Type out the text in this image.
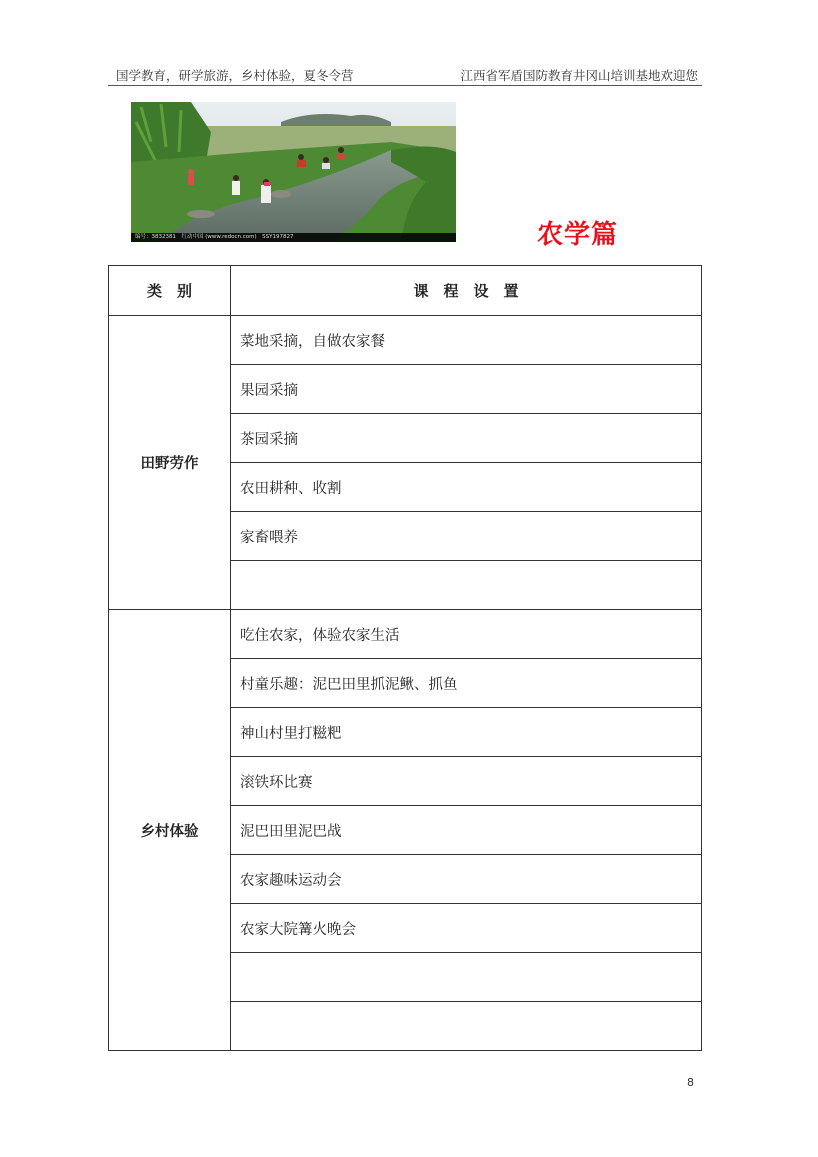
国学教育，研学旅游，乡村体验，夏冬令营	江西省军盾国防教育井冈山培训基地欢迎您
编号：3832381　红动中国 (www.redocn.com)　SSY197827	农学篇
类　别	课　程　设　置
田野劳作	菜地采摘，自做农家餐
	果园采摘
	茶园采摘
	农田耕种、收割
	家畜喂养

乡村体验	吃住农家，体验农家生活
	村童乐趣：泥巴田里抓泥鳅、抓鱼
	神山村里打糍粑
	滚铁环比赛
	泥巴田里泥巴战
	农家趣味运动会
	农家大院篝火晚会

8
